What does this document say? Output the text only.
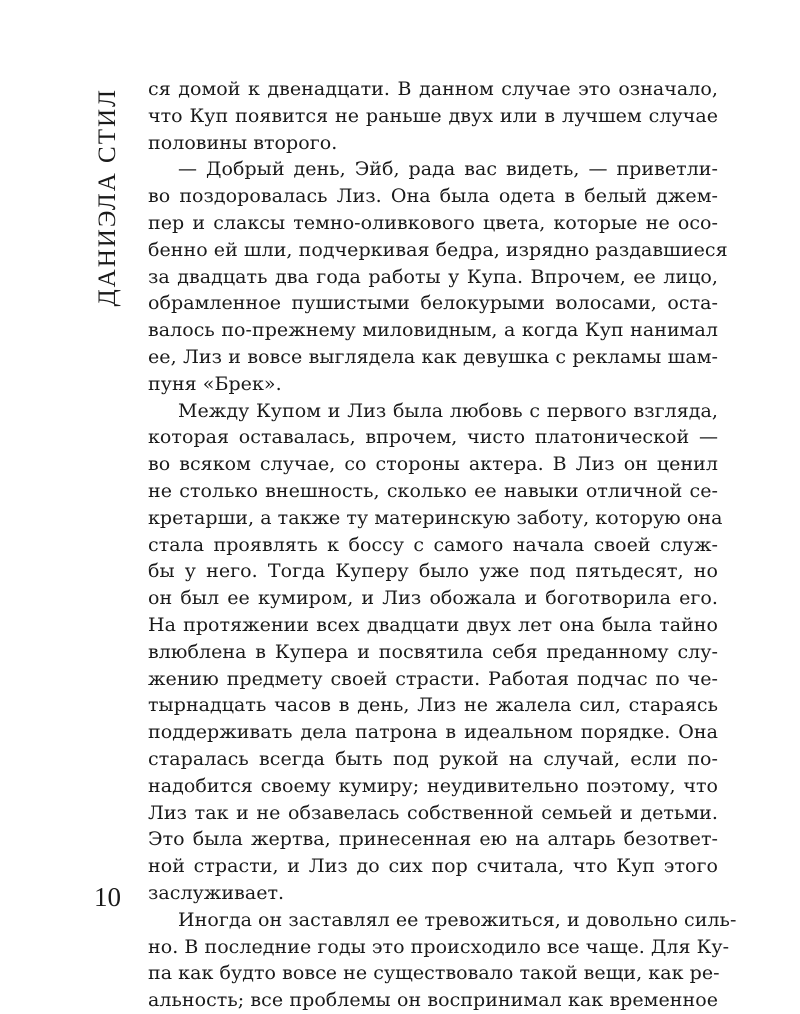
ДАНИЭЛА СТИЛ ся домой к двенадцати. В данном случае это означало,
что Куп появится не раньше двух или в лучшем случае
половины второго.
— Добрый день, Эйб, рада вас видеть, — приветли-
во поздоровалась Лиз. Она была одета в белый джем-
пер и слаксы темно-оливкового цвета, которые не осо-
бенно ей шли, подчеркивая бедра, изрядно раздавшиеся
за двадцать два года работы у Купа. Впрочем, ее лицо,
обрамленное пушистыми белокурыми волосами, оста-
валось по-прежнему миловидным, а когда Куп нанимал
ее, Лиз и вовсе выглядела как девушка с рекламы шам-
пуня «Брек».
Между Купом и Лиз была любовь с первого взгляда,
которая оставалась, впрочем, чисто платонической —
во всяком случае, со стороны актера. В Лиз он ценил
не столько внешность, сколько ее навыки отличной се-
кретарши, а также ту материнскую заботу, которую она
стала проявлять к боссу с самого начала своей служ-
бы у него. Тогда Куперу было уже под пятьдесят, но
он был ее кумиром, и Лиз обожала и боготворила его.
На протяжении всех двадцати двух лет она была тайно
влюблена в Купера и посвятила себя преданному слу-
жению предмету своей страсти. Работая подчас по че-
тырнадцать часов в день, Лиз не жалела сил, стараясь
поддерживать дела патрона в идеальном порядке. Она
старалась всегда быть под рукой на случай, если по-
надобится своему кумиру; неудивительно поэтому, что
Лиз так и не обзавелась собственной семьей и детьми.
Это была жертва, принесенная ею на алтарь безответ-
ной страсти, и Лиз до сих пор считала, что Куп этого
заслуживает.
Иногда он заставлял ее тревожиться, и довольно силь-
но. В последние годы это происходило все чаще. Для Ку-
па как будто вовсе не существовало такой вещи, как ре-
альность; все проблемы он воспринимал как временное
10
